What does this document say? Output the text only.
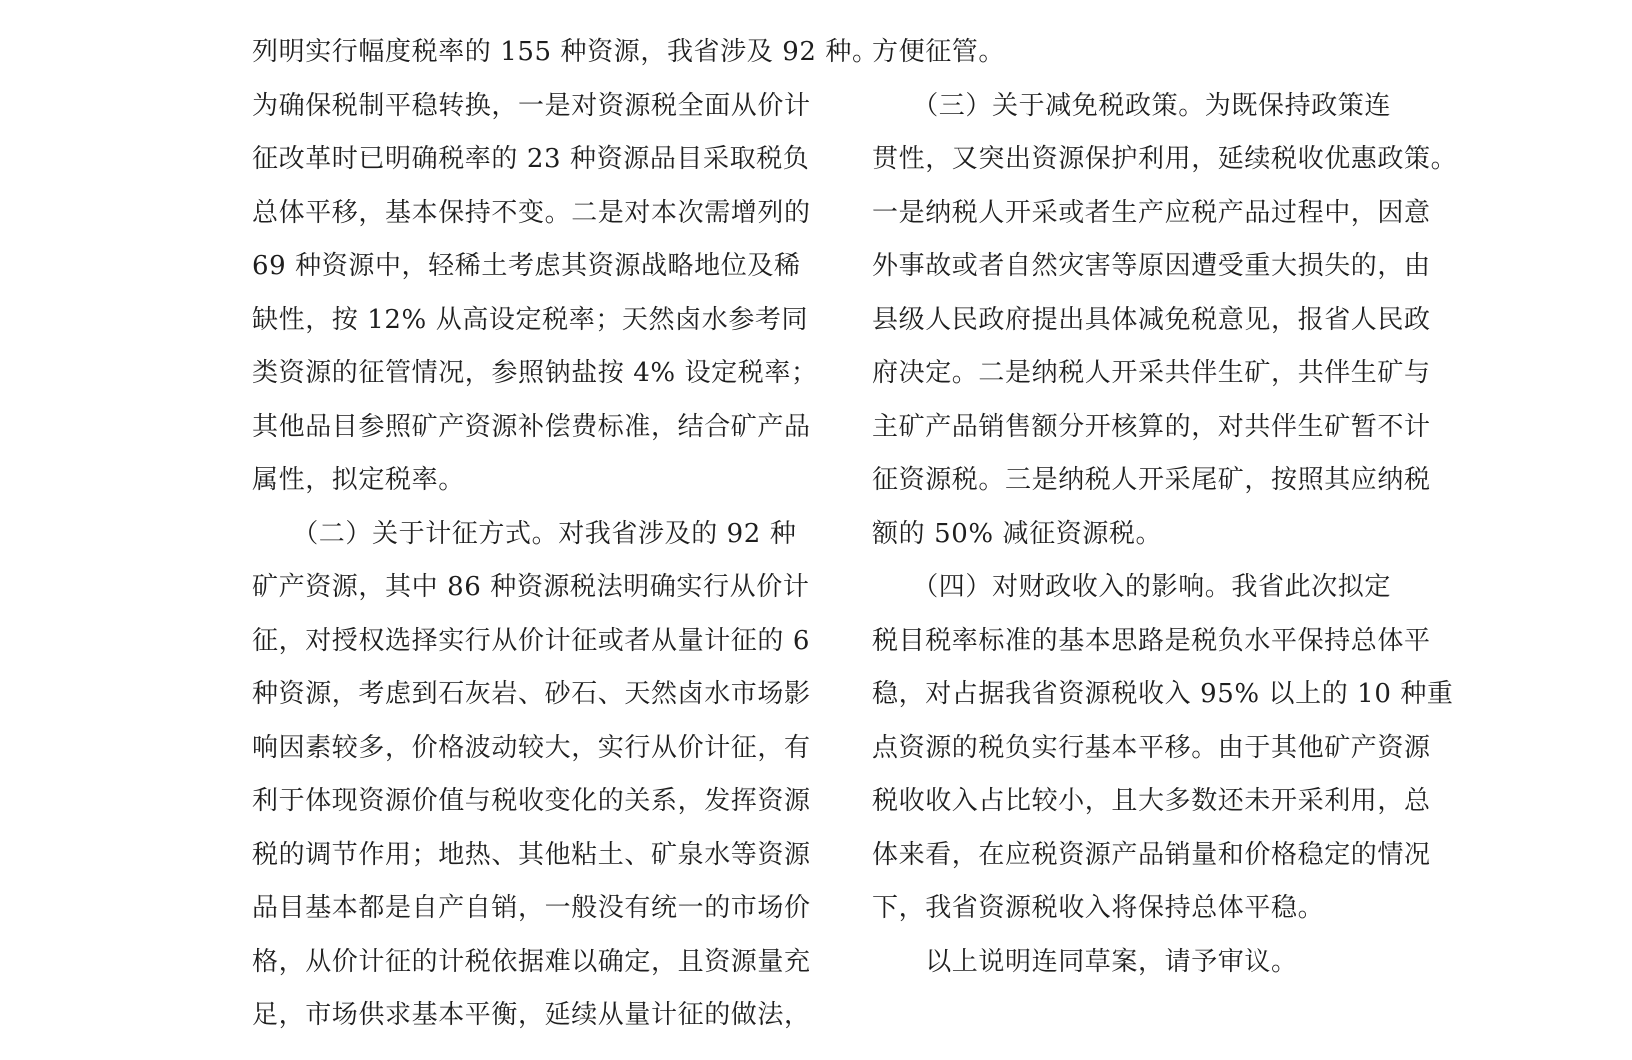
列明实行幅度税率的 155 种资源，我省涉及 92 种。
为确保税制平稳转换，一是对资源税全面从价计
征改革时已明确税率的 23 种资源品目采取税负
总体平移，基本保持不变。二是对本次需增列的
69 种资源中，轻稀土考虑其资源战略地位及稀
缺性，按 12% 从高设定税率；天然卤水参考同
类资源的征管情况，参照钠盐按 4% 设定税率；
其他品目参照矿产资源补偿费标准，结合矿产品
属性，拟定税率。
　　（二）关于计征方式。对我省涉及的 92 种
矿产资源，其中 86 种资源税法明确实行从价计
征，对授权选择实行从价计征或者从量计征的 6
种资源，考虑到石灰岩、砂石、天然卤水市场影
响因素较多，价格波动较大，实行从价计征，有
利于体现资源价值与税收变化的关系，发挥资源
税的调节作用；地热、其他粘土、矿泉水等资源
品目基本都是自产自销，一般没有统一的市场价
格，从价计征的计税依据难以确定，且资源量充
足，市场供求基本平衡，延续从量计征的做法，
方便征管。
　　（三）关于减免税政策。为既保持政策连
贯性，又突出资源保护利用，延续税收优惠政策。
一是纳税人开采或者生产应税产品过程中，因意
外事故或者自然灾害等原因遭受重大损失的，由
县级人民政府提出具体减免税意见，报省人民政
府决定。二是纳税人开采共伴生矿，共伴生矿与
主矿产品销售额分开核算的，对共伴生矿暂不计
征资源税。三是纳税人开采尾矿，按照其应纳税
额的 50% 减征资源税。
　　（四）对财政收入的影响。我省此次拟定
税目税率标准的基本思路是税负水平保持总体平
稳，对占据我省资源税收入 95% 以上的 10 种重
点资源的税负实行基本平移。由于其他矿产资源
税收收入占比较小，且大多数还未开采利用，总
体来看，在应税资源产品销量和价格稳定的情况
下，我省资源税收入将保持总体平稳。
　　以上说明连同草案，请予审议。
